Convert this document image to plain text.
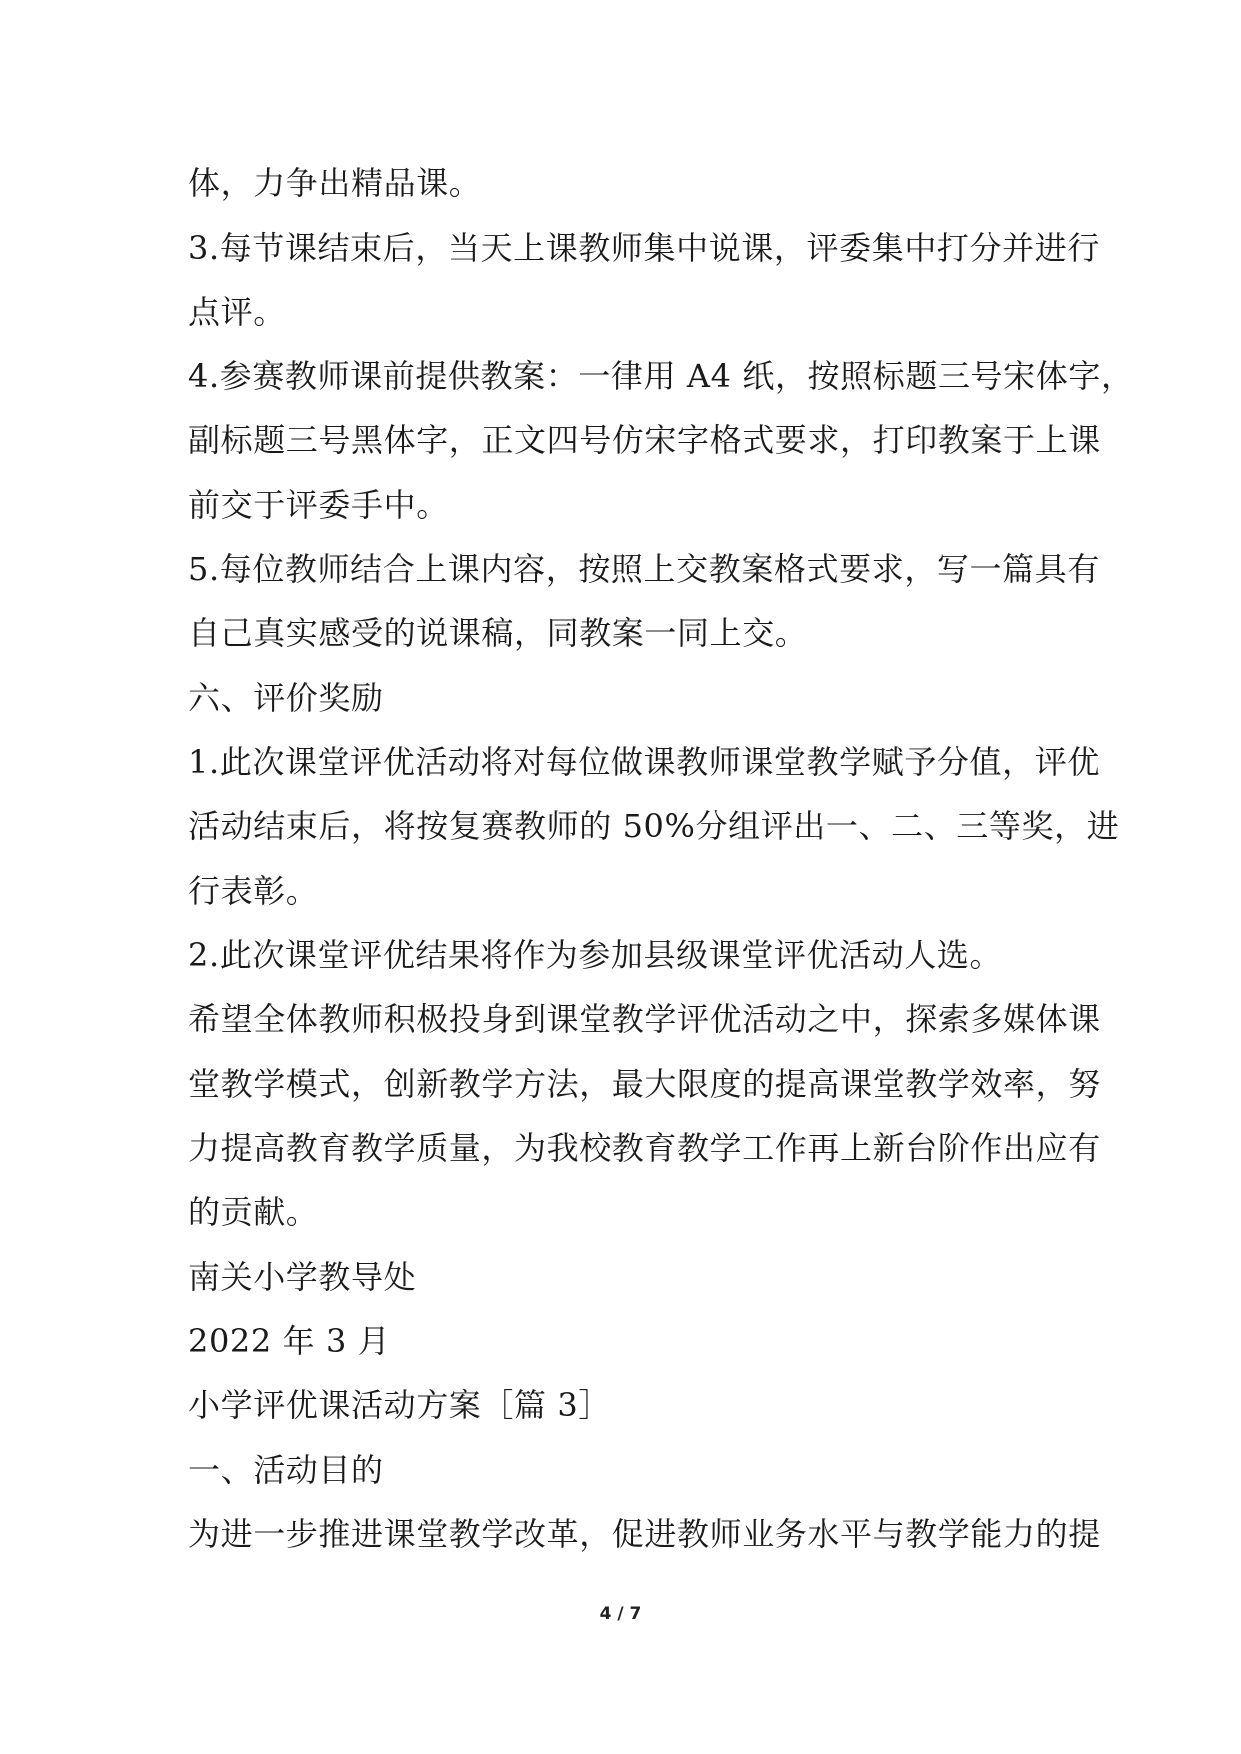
体，力争出精品课。
3.每节课结束后，当天上课教师集中说课，评委集中打分并进行
点评。
4.参赛教师课前提供教案：一律用 A4 纸，按照标题三号宋体字，
副标题三号黑体字，正文四号仿宋字格式要求，打印教案于上课
前交于评委手中。
5.每位教师结合上课内容，按照上交教案格式要求，写一篇具有
自己真实感受的说课稿，同教案一同上交。
六、评价奖励
1.此次课堂评优活动将对每位做课教师课堂教学赋予分值，评优
活动结束后，将按复赛教师的 50%分组评出一、二、三等奖，进
行表彰。
2.此次课堂评优结果将作为参加县级课堂评优活动人选。
希望全体教师积极投身到课堂教学评优活动之中，探索多媒体课
堂教学模式，创新教学方法，最大限度的提高课堂教学效率，努
力提高教育教学质量，为我校教育教学工作再上新台阶作出应有
的贡献。
南关小学教导处
2022 年 3 月
小学评优课活动方案［篇 3］
一、活动目的
为进一步推进课堂教学改革，促进教师业务水平与教学能力的提
4 / 7
